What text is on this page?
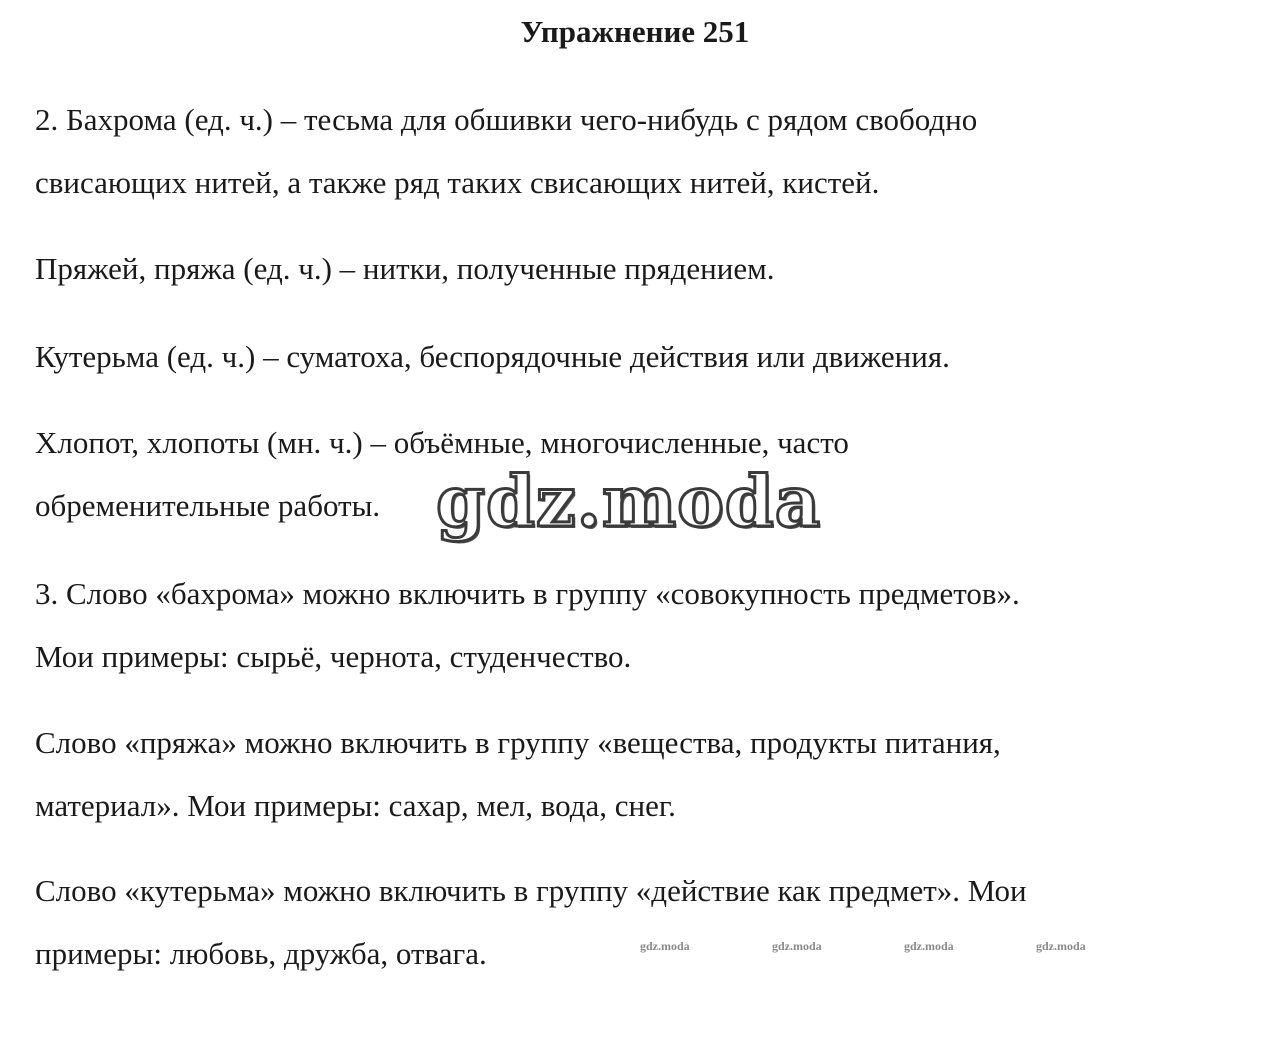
Упражнение 251

2. Бахрома (ед. ч.) – тесьма для обшивки чего-нибудь с рядом свободно

свисающих нитей, а также ряд таких свисающих нитей, кистей.

Пряжей, пряжа (ед. ч.) – нитки, полученные прядением.

Кутерьма (ед. ч.) – суматоха, беспорядочные действия или движения.

Хлопот, хлопоты (мн. ч.) – объёмные, многочисленные, часто

обременительные работы.

3. Слово «бахрома» можно включить в группу «совокупность предметов».

Мои примеры: сырьё, чернота, студенчество.

Слово «пряжа» можно включить в группу «вещества, продукты питания,

материал». Мои примеры: сахар, мел, вода, снег.

Слово «кутерьма» можно включить в группу «действие как предмет». Мои

примеры: любовь, дружба, отвага.

gdz.moda
gdz.moda	gdz.moda	gdz.moda	gdz.moda
